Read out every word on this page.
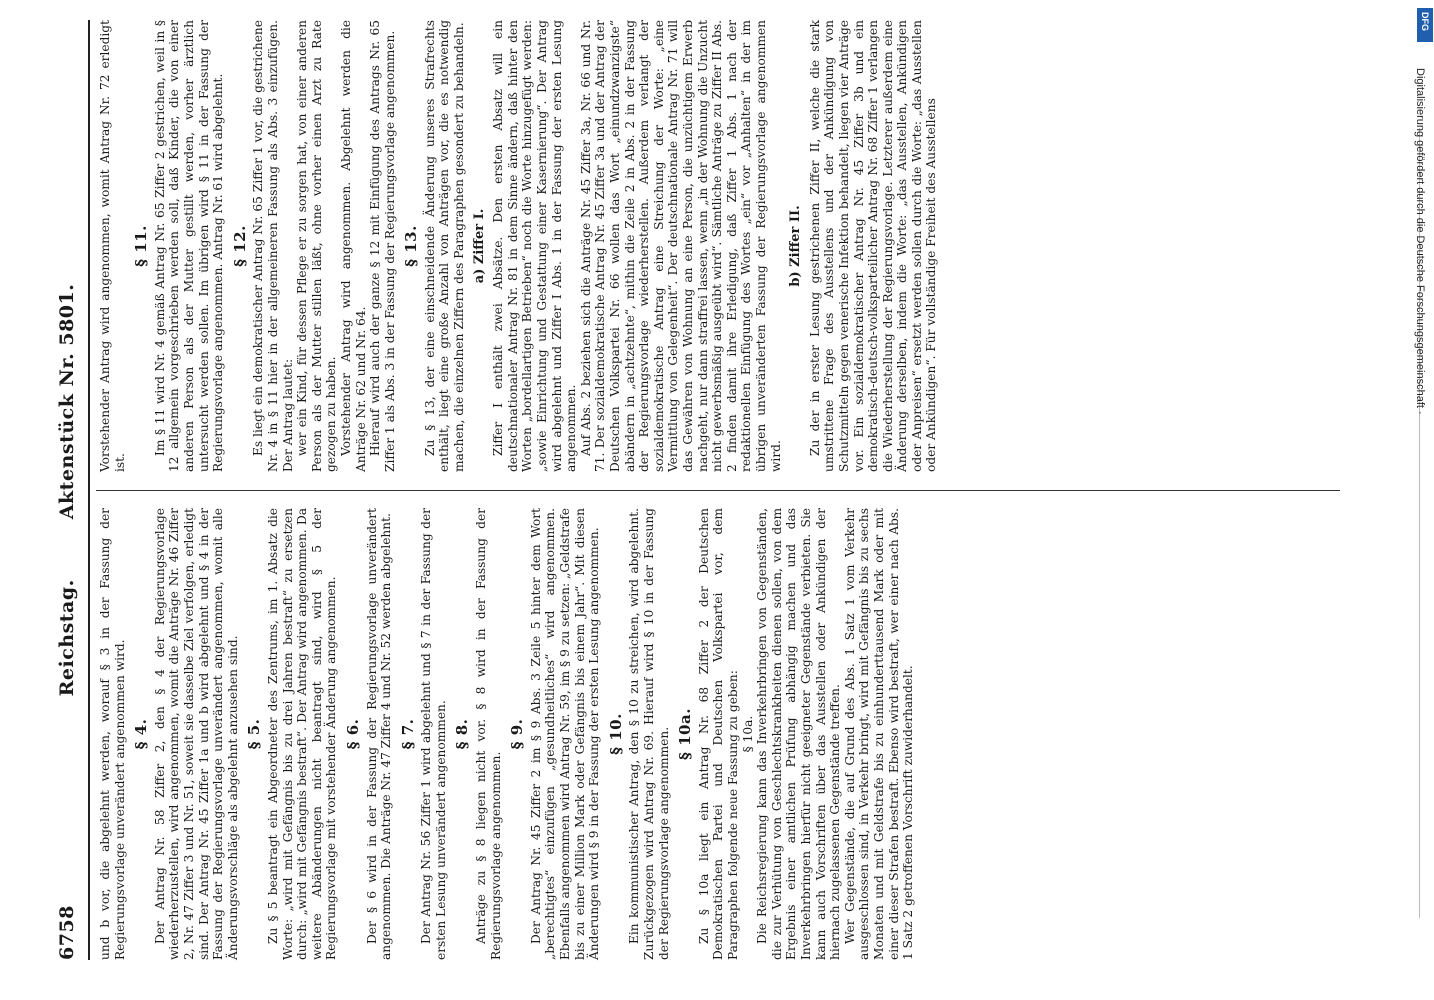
6758
Reichstag.Aktenstück Nr. 5801.

und b vor, die abgelehnt werden, worauf § 3 in der Fassung der Regierungsvorlage unverändert angenommen wird. § 4. Der Antrag Nr. 58 Ziffer 2, den § 4 der Regierungsvorlage wiederherzustellen, wird angenommen, womit die Anträge Nr. 46 Ziffer 2, Nr. 47 Ziffer 3 und Nr. 51, soweit sie dasselbe Ziel verfolgen, erledigt sind. Der Antrag Nr. 45 Ziffer 1a und b wird abgelehnt und § 4 in der Fassung der Regierungsvorlage unverändert angenommen, womit alle Änderungsvorschläge als abgelehnt anzusehen sind. § 5. Zu § 5 beantragt ein Abgeordneter des Zentrums, im 1. Absatz die Worte: „wird mit Gefängnis bis zu drei Jahren bestraft“ zu ersetzen durch: „wird mit Gefängnis bestraft“. Der Antrag wird angenommen. Da weitere Abänderungen nicht beantragt sind, wird § 5 der Regierungsvorlage mit vorstehender Änderung angenommen. § 6. Der § 6 wird in der Fassung der Regierungsvorlage unverändert angenommen. Die Anträge Nr. 47 Ziffer 4 und Nr. 52 werden abgelehnt. § 7. Der Antrag Nr. 56 Ziffer 1 wird abgelehnt und § 7 in der Fassung der ersten Lesung unverändert angenommen. § 8. Anträge zu § 8 liegen nicht vor. § 8 wird in der Fassung der Regierungsvorlage angenommen.

§ 9. Der Antrag Nr. 45 Ziffer 2 im § 9 Abs. 3 Zeile 5 hinter dem Wort „berechtigtes“ einzufügen „gesundheitliches“ wird angenommen. Ebenfalls angenommen wird Antrag Nr. 59, im § 9 zu setzen: „Geldstrafe bis zu einer Million Mark oder Gefängnis bis einem Jahr“. Mit diesen Änderungen wird § 9 in der Fassung der ersten Lesung angenommen. § 10. Ein kommunistischer Antrag, den § 10 zu streichen, wird abgelehnt. Zurückgezogen wird Antrag Nr. 69. Hierauf wird § 10 in der Fassung der Regierungsvorlage angenommen. § 10a. Zu § 10a liegt ein Antrag Nr. 68 Ziffer 2 der Deutschen Demokratischen Partei und Deutschen Volkspartei vor, dem Paragraphen folgende neue Fassung zu geben: § 10a. Die Reichsregierung kann das Inverkehrbringen von Gegenständen, die zur Verhütung von Geschlechtskrankheiten dienen sollen, von dem Ergebnis einer amtlichen Prüfung abhängig machen und das Inverkehrbringen hierfür nicht geeigneter Gegenstände verbieten. Sie kann auch Vorschriften über das Ausstellen oder Ankündigen der hiernach zugelassenen Gegenstände treffen. Wer Gegenstände, die auf Grund des Abs. 1 Satz 1 vom Verkehr ausgeschlossen sind, in Verkehr bringt, wird mit Gefängnis bis zu sechs Monaten und mit Geldstrafe bis zu einhunderttausend Mark oder mit einer dieser Strafen bestraft. Ebenso wird bestraft, wer einer nach Abs. 1 Satz 2 getroffenen Vorschrift zuwiderhandelt.

Vorstehender Antrag wird angenommen, womit Antrag Nr. 72 erledigt ist.

§ 11. Im § 11 wird Nr. 4 gemäß Antrag Nr. 65 Ziffer 2 gestrichen, weil in § 12 allgemein vorgeschrieben werden soll, daß Kinder, die von einer anderen Person als der Mutter gestillt werden, vorher ärztlich untersucht werden sollen. Im übrigen wird § 11 in der Fassung der Regierungsvorlage angenommen. Antrag Nr. 61 wird abgelehnt. § 12. Es liegt ein demokratischer Antrag Nr. 65 Ziffer 1 vor, die gestrichene Nr. 4 in § 11 hier in der allgemeineren Fassung als Abs. 3 einzufügen. Der Antrag lautet: wer ein Kind, für dessen Pflege er zu sorgen hat, von einer anderen Person als der Mutter stillen läßt, ohne vorher einen Arzt zu Rate gezogen zu haben. Vorstehender Antrag wird angenommen. Abgelehnt werden die Anträge Nr. 62 und Nr. 64. Hierauf wird auch der ganze § 12 mit Einfügung des Antrags Nr. 65 Ziffer 1 als Abs. 3 in der Fassung der Regierungsvorlage angenommen. § 13. Zu § 13, der eine einschneidende Änderung unseres Strafrechts enthält, liegt eine große Anzahl von Anträgen vor, die es notwendig machen, die einzelnen Ziffern des Paragraphen gesondert zu behandeln. a) Ziffer I. Ziffer I enthält zwei Absätze. Den ersten Absatz will ein deutschnationaler Antrag Nr. 81 in dem Sinne ändern, daß hinter den Worten „bordellartigen Betrieben“ noch die Worte hinzugefügt werden: „sowie Einrichtung und Gestattung einer Kasernierung“. Der Antrag wird abgelehnt und Ziffer I Abs. 1 in der Fassung der ersten Lesung angenommen. Auf Abs. 2 beziehen sich die Anträge Nr. 45 Ziffer 3a, Nr. 66 und Nr. 71. Der sozialdemokratische Antrag Nr. 45 Ziffer 3a und der Antrag der Deutschen Volkspartei Nr. 66 wollen das Wort „einundzwanzigste“ abändern in „achtzehnte“, mithin die Zeile 2 in Abs. 2 in der Fassung der Regierungsvorlage wiederherstellen. Außerdem verlangt der sozialdemokratische Antrag eine Streichung der Worte: „eine Vermittlung von Gelegenheit“. Der deutschnationale Antrag Nr. 71 will das Gewähren von Wohnung an eine Person, die unzüchtigem Erwerb nachgeht, nur dann straffrei lassen, wenn „in der Wohnung die Unzucht nicht gewerbsmäßig ausgeübt wird“. Sämtliche Anträge zu Ziffer II Abs. 2 finden damit ihre Erledigung, daß Ziffer 1 Abs. 1 nach der redaktionellen Einfügung des Wortes „ein“ vor „Anhalten“ in der im übrigen unveränderten Fassung der Regierungsvorlage angenommen wird.

b) Ziffer II. Zu der in erster Lesung gestrichenen Ziffer II, welche die stark umstrittene Frage des Ausstellens und der Ankündigung von Schutzmitteln gegen venerische Infektion behandelt, liegen vier Anträge vor. Ein sozialdemokratischer Antrag Nr. 45 Ziffer 3b und ein demokratisch-deutsch-volksparteilicher Antrag Nr. 68 Ziffer 1 verlangen die Wiederherstellung der Regierungsvorlage. Letzterer außerdem eine Änderung derselben, indem die Worte: „das Ausstellen, Ankündigen oder Anpreisen“ ersetzt werden sollen durch die Worte: „das Ausstellen oder Ankündigen“. Für vollständige Freiheit des Ausstellens	Digitalisierung gefördert durch die Deutsche Forschungsgemeinschaft ·
DFG
